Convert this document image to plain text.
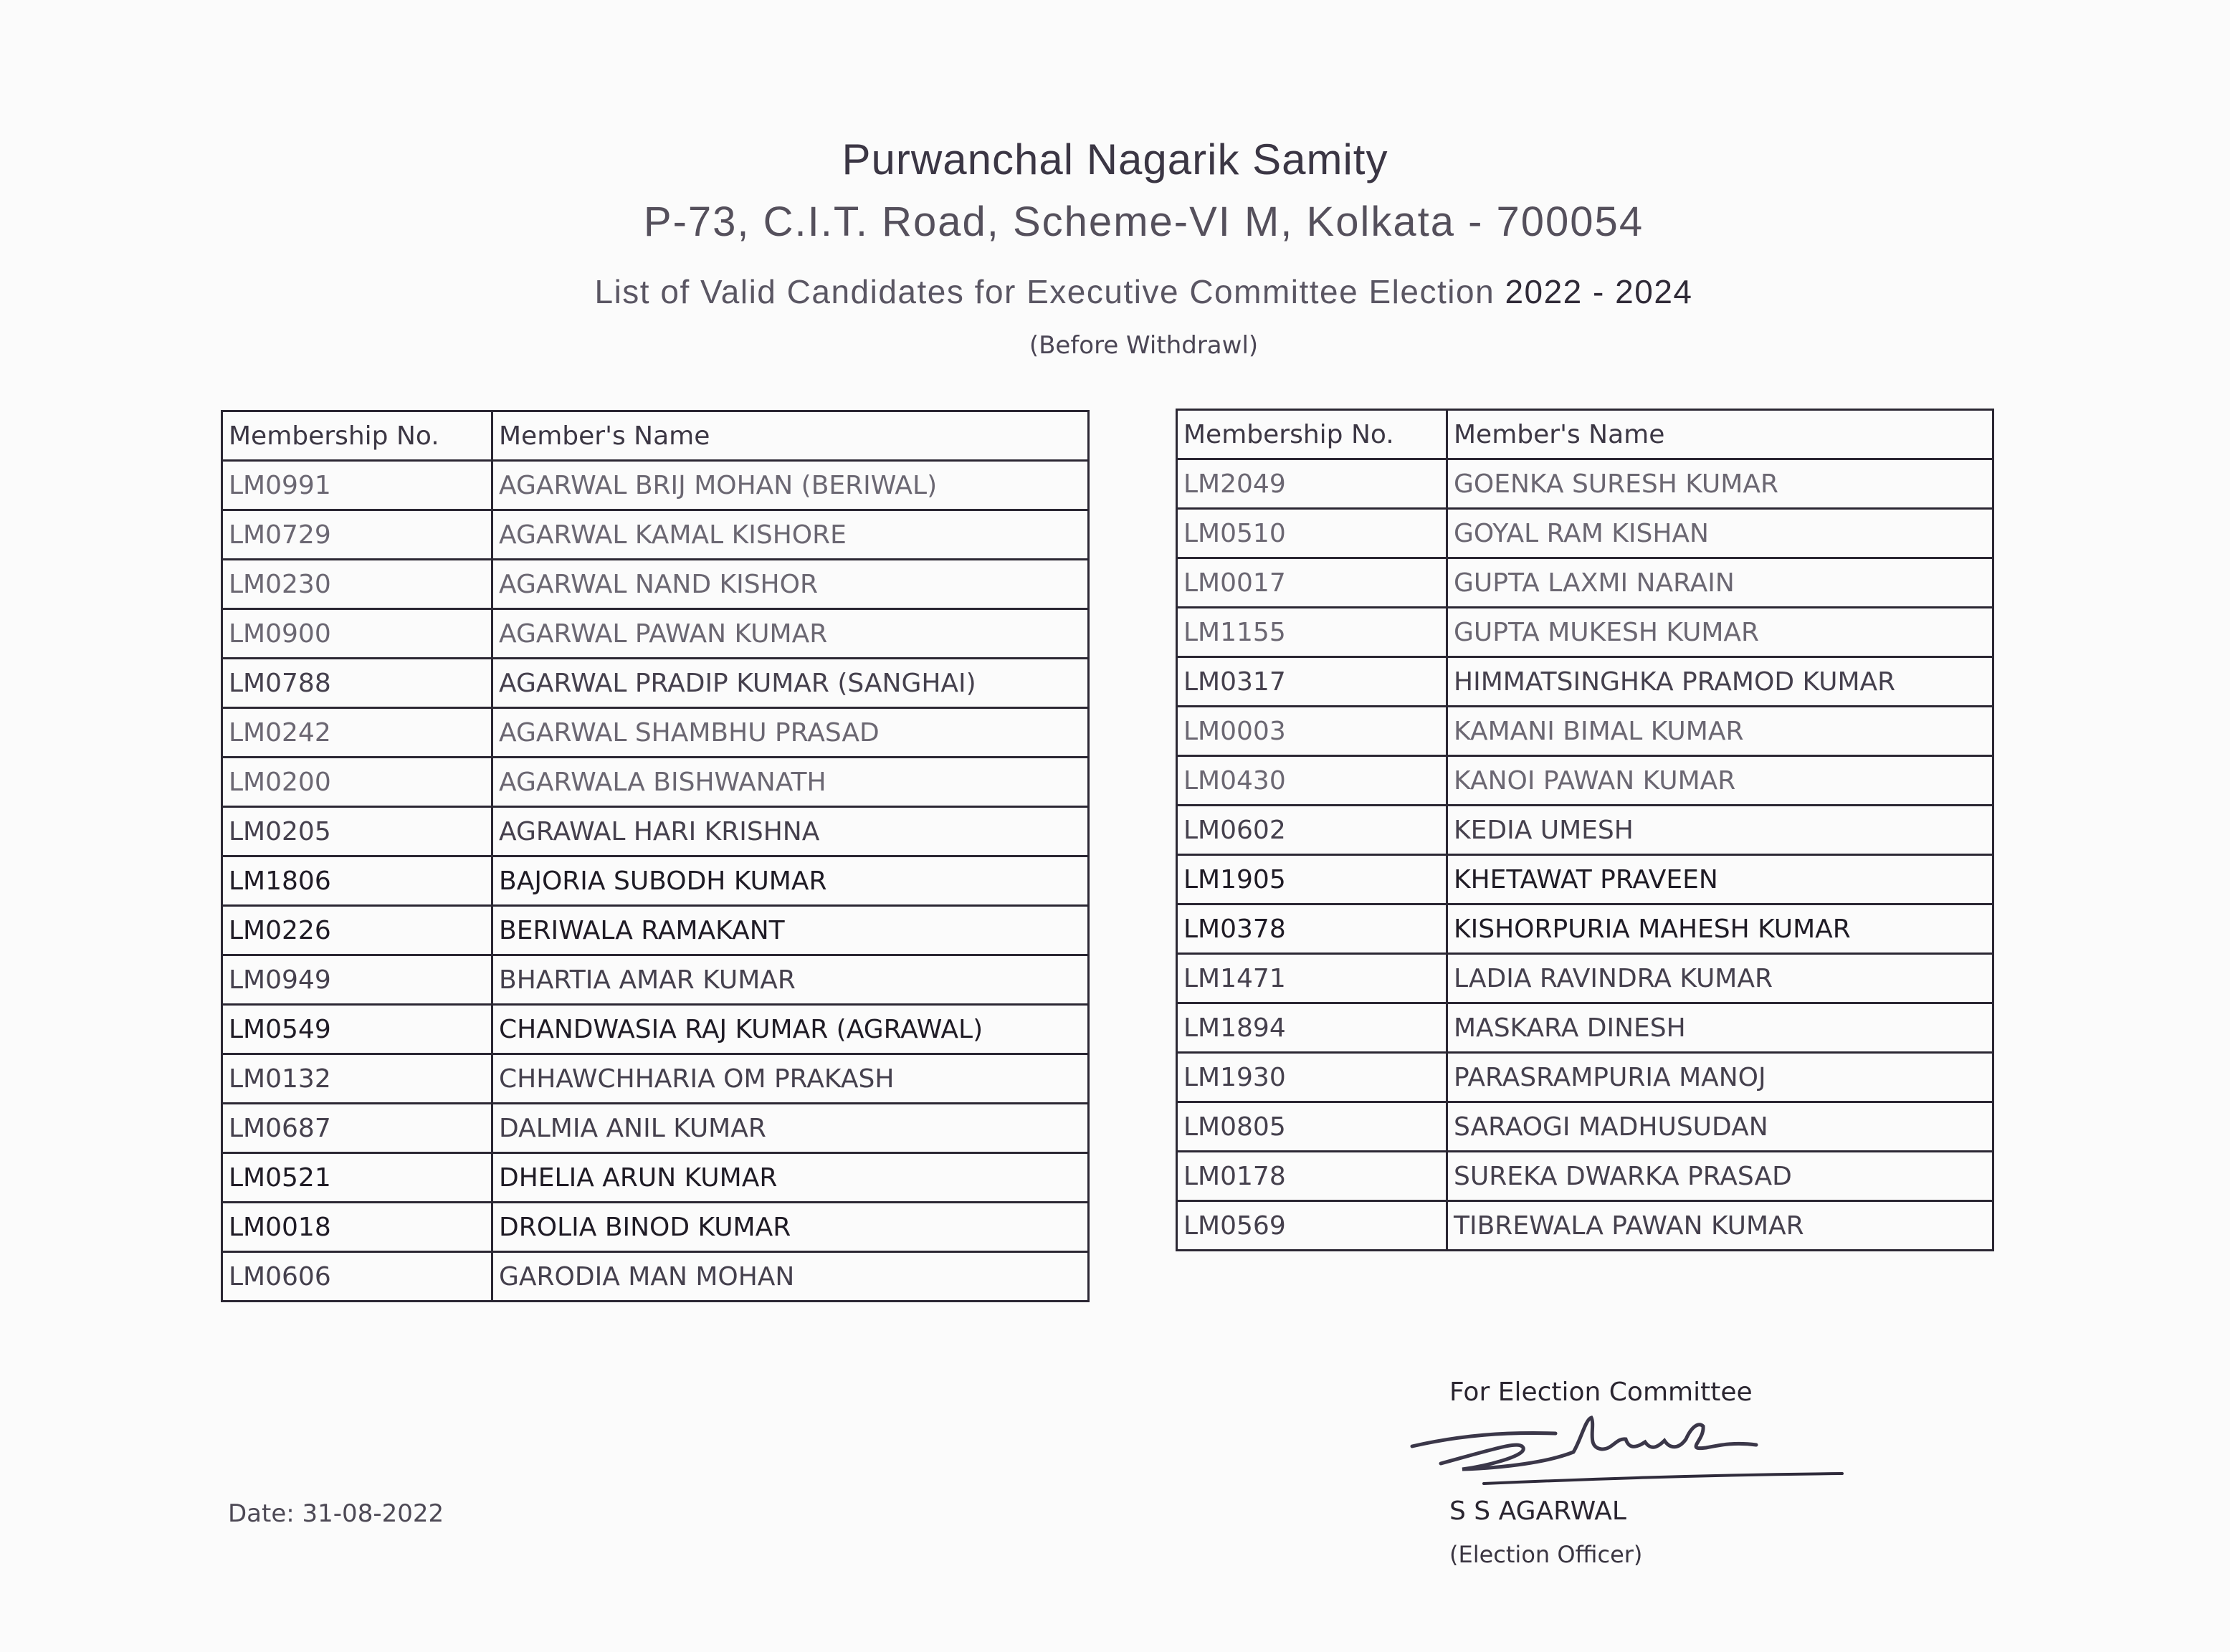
Purwanchal Nagarik Samity
P-73, C.I.T. Road, Scheme-VI M, Kolkata - 700054
List of Valid Candidates for Executive Committee Election 2022 - 2024
(Before Withdrawl)
Membership No.	Member's Name
LM0991	AGARWAL BRIJ MOHAN (BERIWAL)
LM0729	AGARWAL KAMAL KISHORE
LM0230	AGARWAL NAND KISHOR
LM0900	AGARWAL PAWAN KUMAR
LM0788	AGARWAL PRADIP KUMAR (SANGHAI)
LM0242	AGARWAL SHAMBHU PRASAD
LM0200	AGARWALA BISHWANATH
LM0205	AGRAWAL HARI KRISHNA
LM1806	BAJORIA SUBODH KUMAR
LM0226	BERIWALA RAMAKANT
LM0949	BHARTIA AMAR KUMAR
LM0549	CHANDWASIA RAJ KUMAR (AGRAWAL)
LM0132	CHHAWCHHARIA OM PRAKASH
LM0687	DALMIA ANIL KUMAR
LM0521	DHELIA ARUN KUMAR
LM0018	DROLIA BINOD KUMAR
LM0606	GARODIA MAN MOHAN
Membership No.	Member's Name
LM2049	GOENKA SURESH KUMAR
LM0510	GOYAL RAM KISHAN
LM0017	GUPTA LAXMI NARAIN
LM1155	GUPTA MUKESH KUMAR
LM0317	HIMMATSINGHKA PRAMOD KUMAR
LM0003	KAMANI BIMAL KUMAR
LM0430	KANOI PAWAN KUMAR
LM0602	KEDIA UMESH
LM1905	KHETAWAT PRAVEEN
LM0378	KISHORPURIA MAHESH KUMAR
LM1471	LADIA RAVINDRA KUMAR
LM1894	MASKARA DINESH
LM1930	PARASRAMPURIA MANOJ
LM0805	SARAOGI MADHUSUDAN
LM0178	SUREKA DWARKA PRASAD
LM0569	TIBREWALA PAWAN KUMAR
Date: 31-08-2022
For Election Committee
S S AGARWAL
(Election Officer)
